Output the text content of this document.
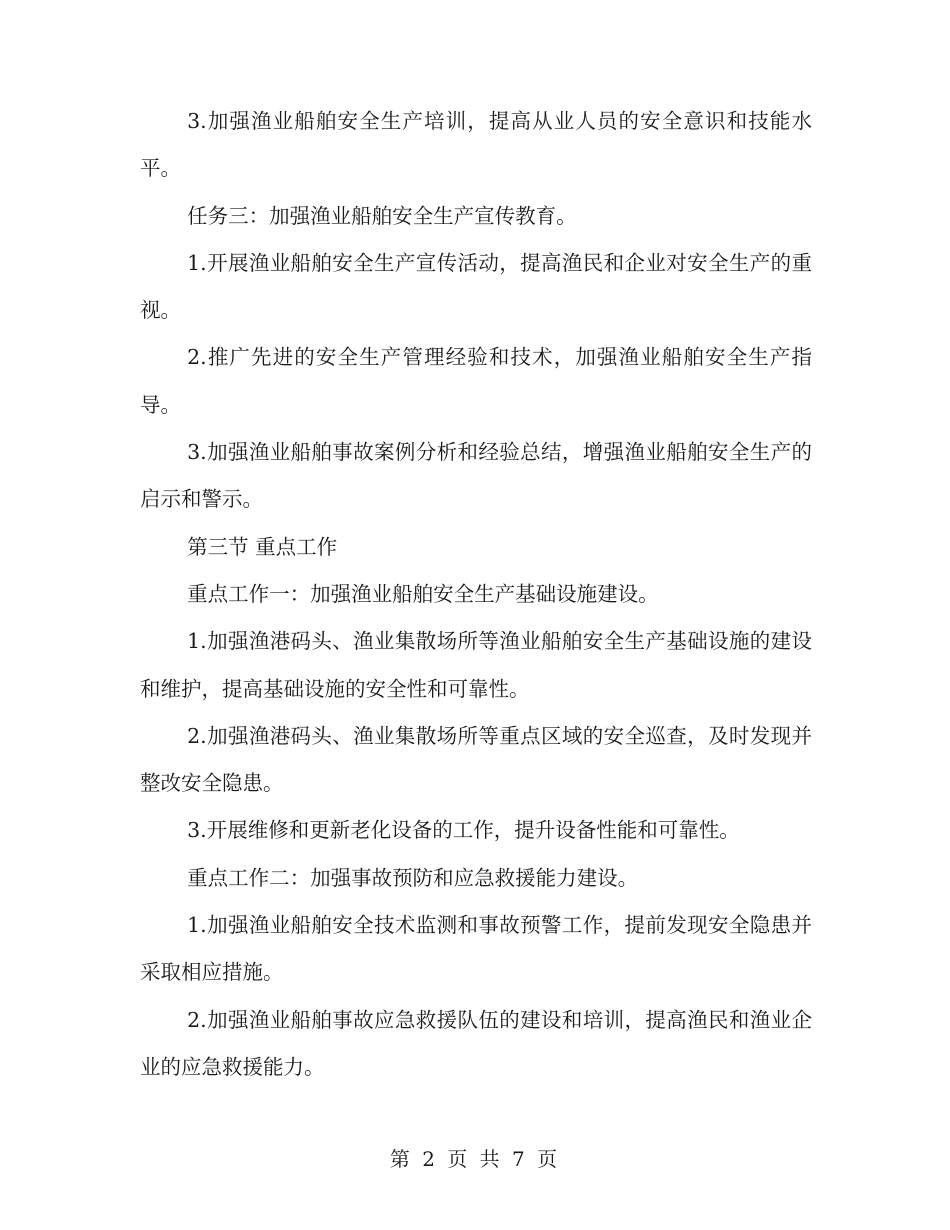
3.加强渔业船舶安全生产培训，提高从业人员的安全意识和技能水平。

任务三：加强渔业船舶安全生产宣传教育。

1.开展渔业船舶安全生产宣传活动，提高渔民和企业对安全生产的重视。

2.推广先进的安全生产管理经验和技术，加强渔业船舶安全生产指导。

3.加强渔业船舶事故案例分析和经验总结，增强渔业船舶安全生产的启示和警示。

第三节 重点工作

重点工作一：加强渔业船舶安全生产基础设施建设。

1.加强渔港码头、渔业集散场所等渔业船舶安全生产基础设施的建设和维护，提高基础设施的安全性和可靠性。

2.加强渔港码头、渔业集散场所等重点区域的安全巡查，及时发现并整改安全隐患。

3.开展维修和更新老化设备的工作，提升设备性能和可靠性。

重点工作二：加强事故预防和应急救援能力建设。

1.加强渔业船舶安全技术监测和事故预警工作，提前发现安全隐患并采取相应措施。

2.加强渔业船舶事故应急救援队伍的建设和培训，提高渔民和渔业企业的应急救援能力。

第 2 页 共 7 页
